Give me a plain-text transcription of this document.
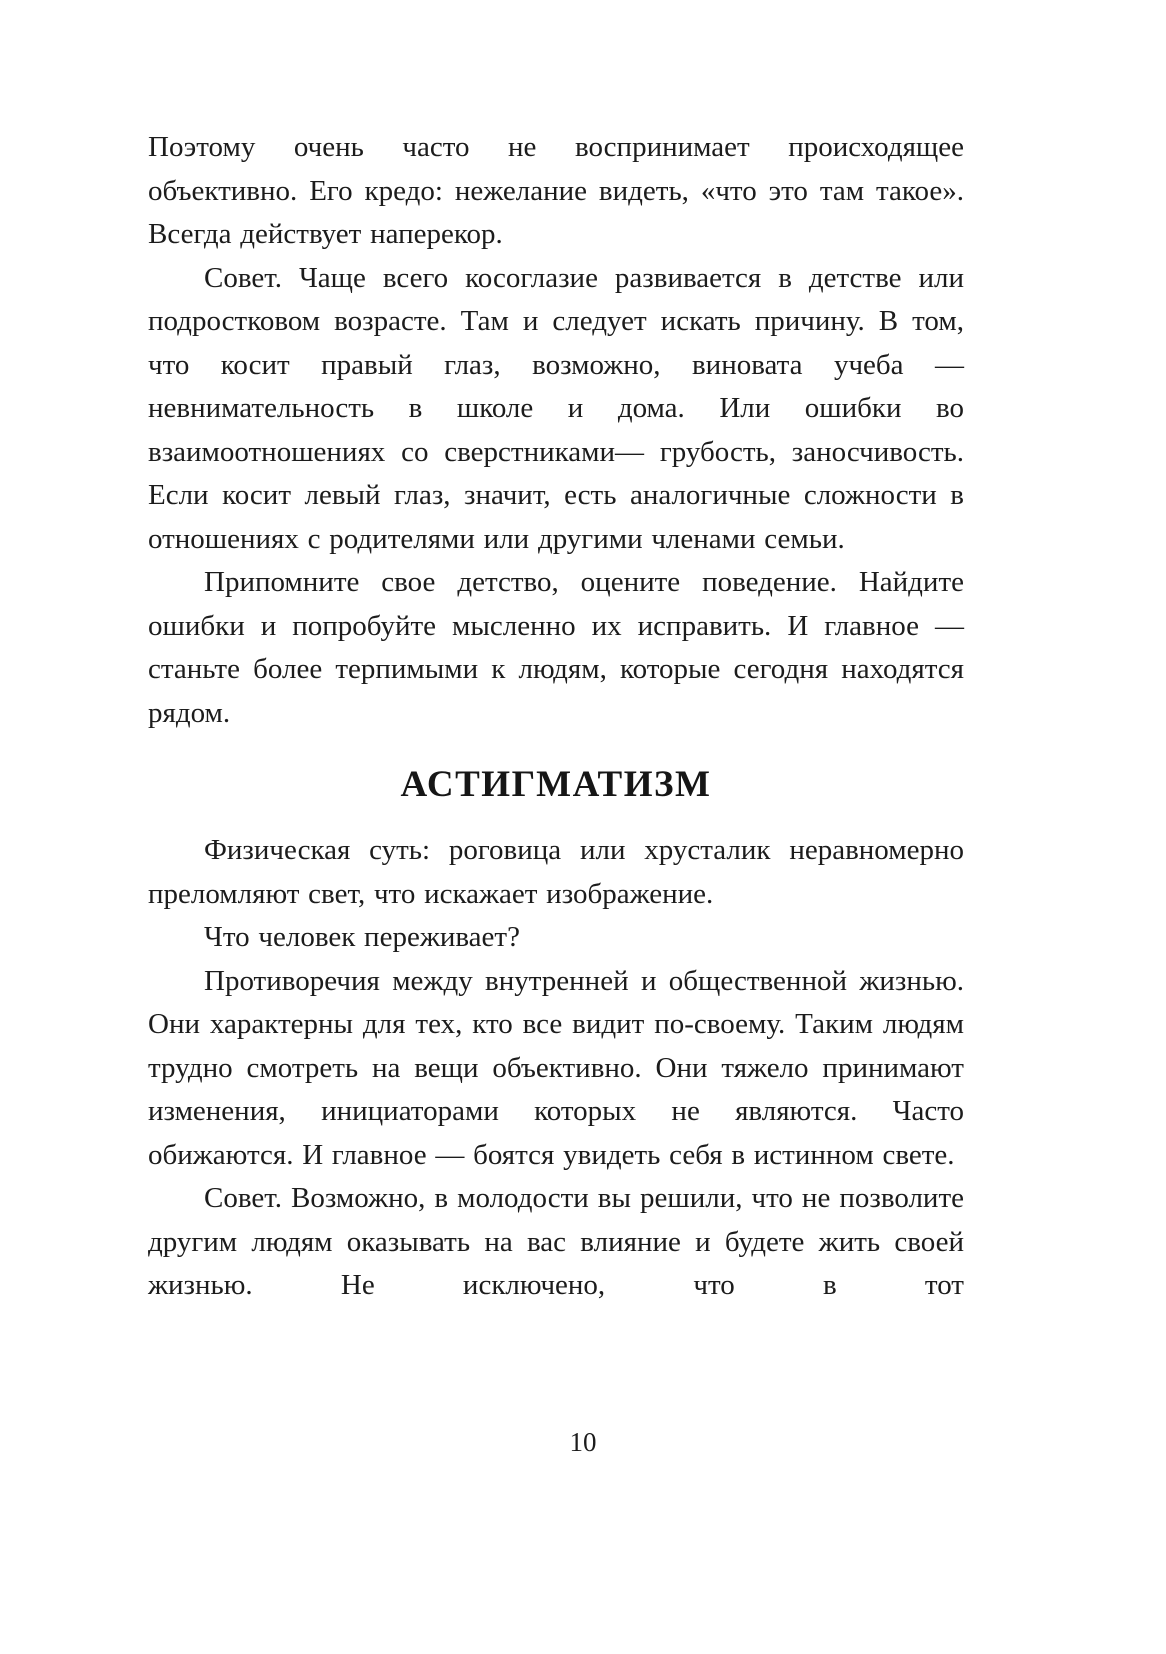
Поэтому очень часто не воспринимает происходящее объективно. Его кредо: нежелание видеть, «что это там такое». Всегда действует наперекор.

Совет. Чаще всего косоглазие развивается в детстве или подростковом возрасте. Там и следует искать причину. В том, что косит правый глаз, возможно, виновата учеба — невнимательность в школе и дома. Или ошибки во взаимоотношениях со сверстниками— грубость, заносчивость. Если косит левый глаз, значит, есть аналогичные сложности в отношениях с родителями или другими членами семьи.

Припомните свое детство, оцените поведение. Найдите ошибки и попробуйте мысленно их исправить. И главное — станьте более терпимыми к людям, которые сегодня находятся рядом.

АСТИГМАТИЗМ

Физическая суть: роговица или хрусталик неравномерно преломляют свет, что искажает изображение.

Что человек переживает?

Противоречия между внутренней и общественной жизнью. Они характерны для тех, кто все видит по-своему. Таким людям трудно смотреть на вещи объективно. Они тяжело принимают изменения, инициаторами которых не являются. Часто обижаются. И главное — боятся увидеть себя в истинном свете.

Совет. Возможно, в молодости вы решили, что не позволите другим людям оказывать на вас влияние и будете жить своей жизнью. Не исключено, что в тот

10
